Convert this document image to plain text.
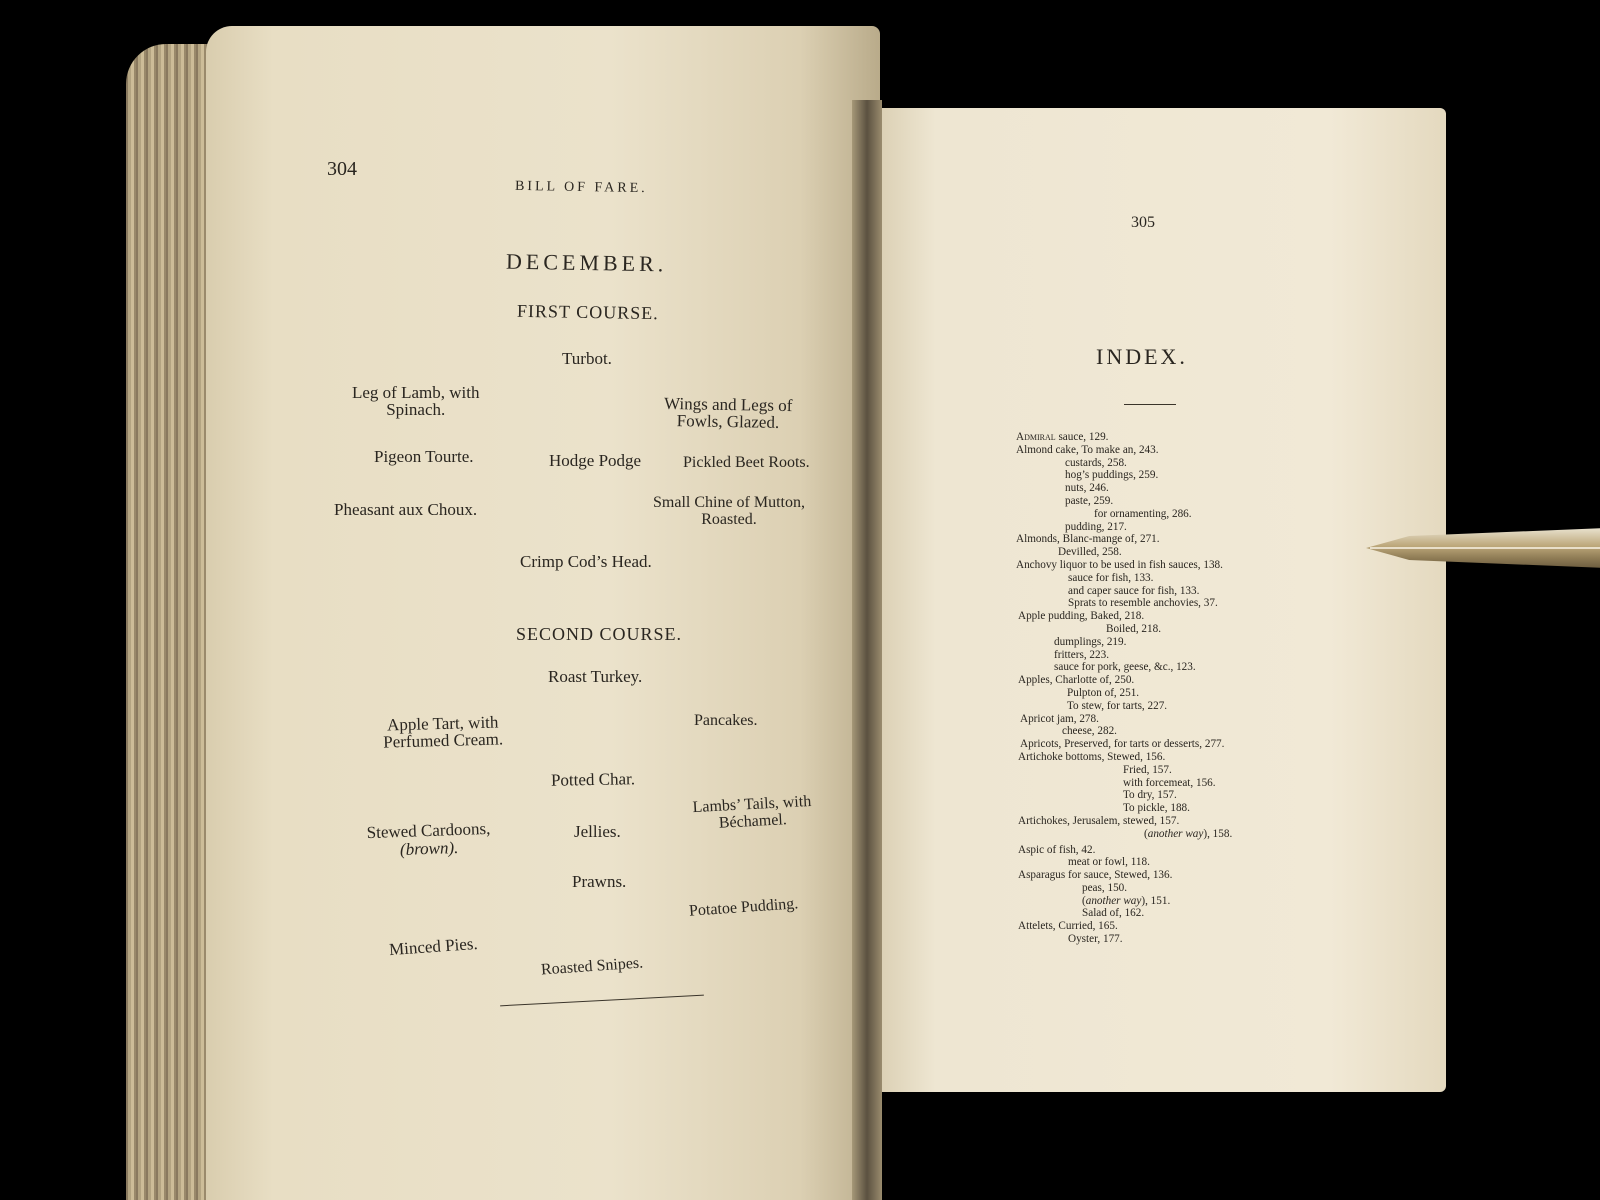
304
BILL OF FARE.
DECEMBER.
FIRST COURSE.
Turbot.
Leg of Lamb, with
Spinach.	Wings and Legs of
Fowls, Glazed.
Pigeon Tourte.	Hodge Podge	Pickled Beet Roots.
Pheasant aux Choux.	Small Chine of Mutton,
Roasted.
Crimp Cod’s Head.
SECOND COURSE.
Roast Turkey.
Apple Tart, with
Perfumed Cream.
Pancakes.
Potted Char.
Stewed Cardoons,
(brown).
Jellies.
Lambs’ Tails, with
Béchamel.
Prawns.
Potatoe Pudding.
Minced Pies.
Roasted Snipes.
305
INDEX.
Admiral sauce, 129.
Almond cake, To make an, 243.
custards, 258.
hog’s puddings, 259.
nuts, 246.
paste, 259.
for ornamenting, 286.
pudding, 217.
Almonds, Blanc-mange of, 271.
Devilled, 258.
Anchovy liquor to be used in fish sauces, 138.
sauce for fish, 133.
and caper sauce for fish, 133.
Sprats to resemble anchovies, 37.
Apple pudding, Baked, 218.
Boiled, 218.
dumplings, 219.
fritters, 223.
sauce for pork, geese, &c., 123.
Apples, Charlotte of, 250.
Pulpton of, 251.
To stew, for tarts, 227.
Apricot jam, 278.
cheese, 282.
Apricots, Preserved, for tarts or desserts, 277.
Artichoke bottoms, Stewed, 156.
Fried, 157.
with forcemeat, 156.
To dry, 157.
To pickle, 188.
Artichokes, Jerusalem, stewed, 157.
(another way), 158.
Aspic of fish, 42.
meat or fowl, 118.
Asparagus for sauce, Stewed, 136.
peas, 150.
(another way), 151.
Salad of, 162.
Attelets, Curried, 165.
Oyster, 177.
